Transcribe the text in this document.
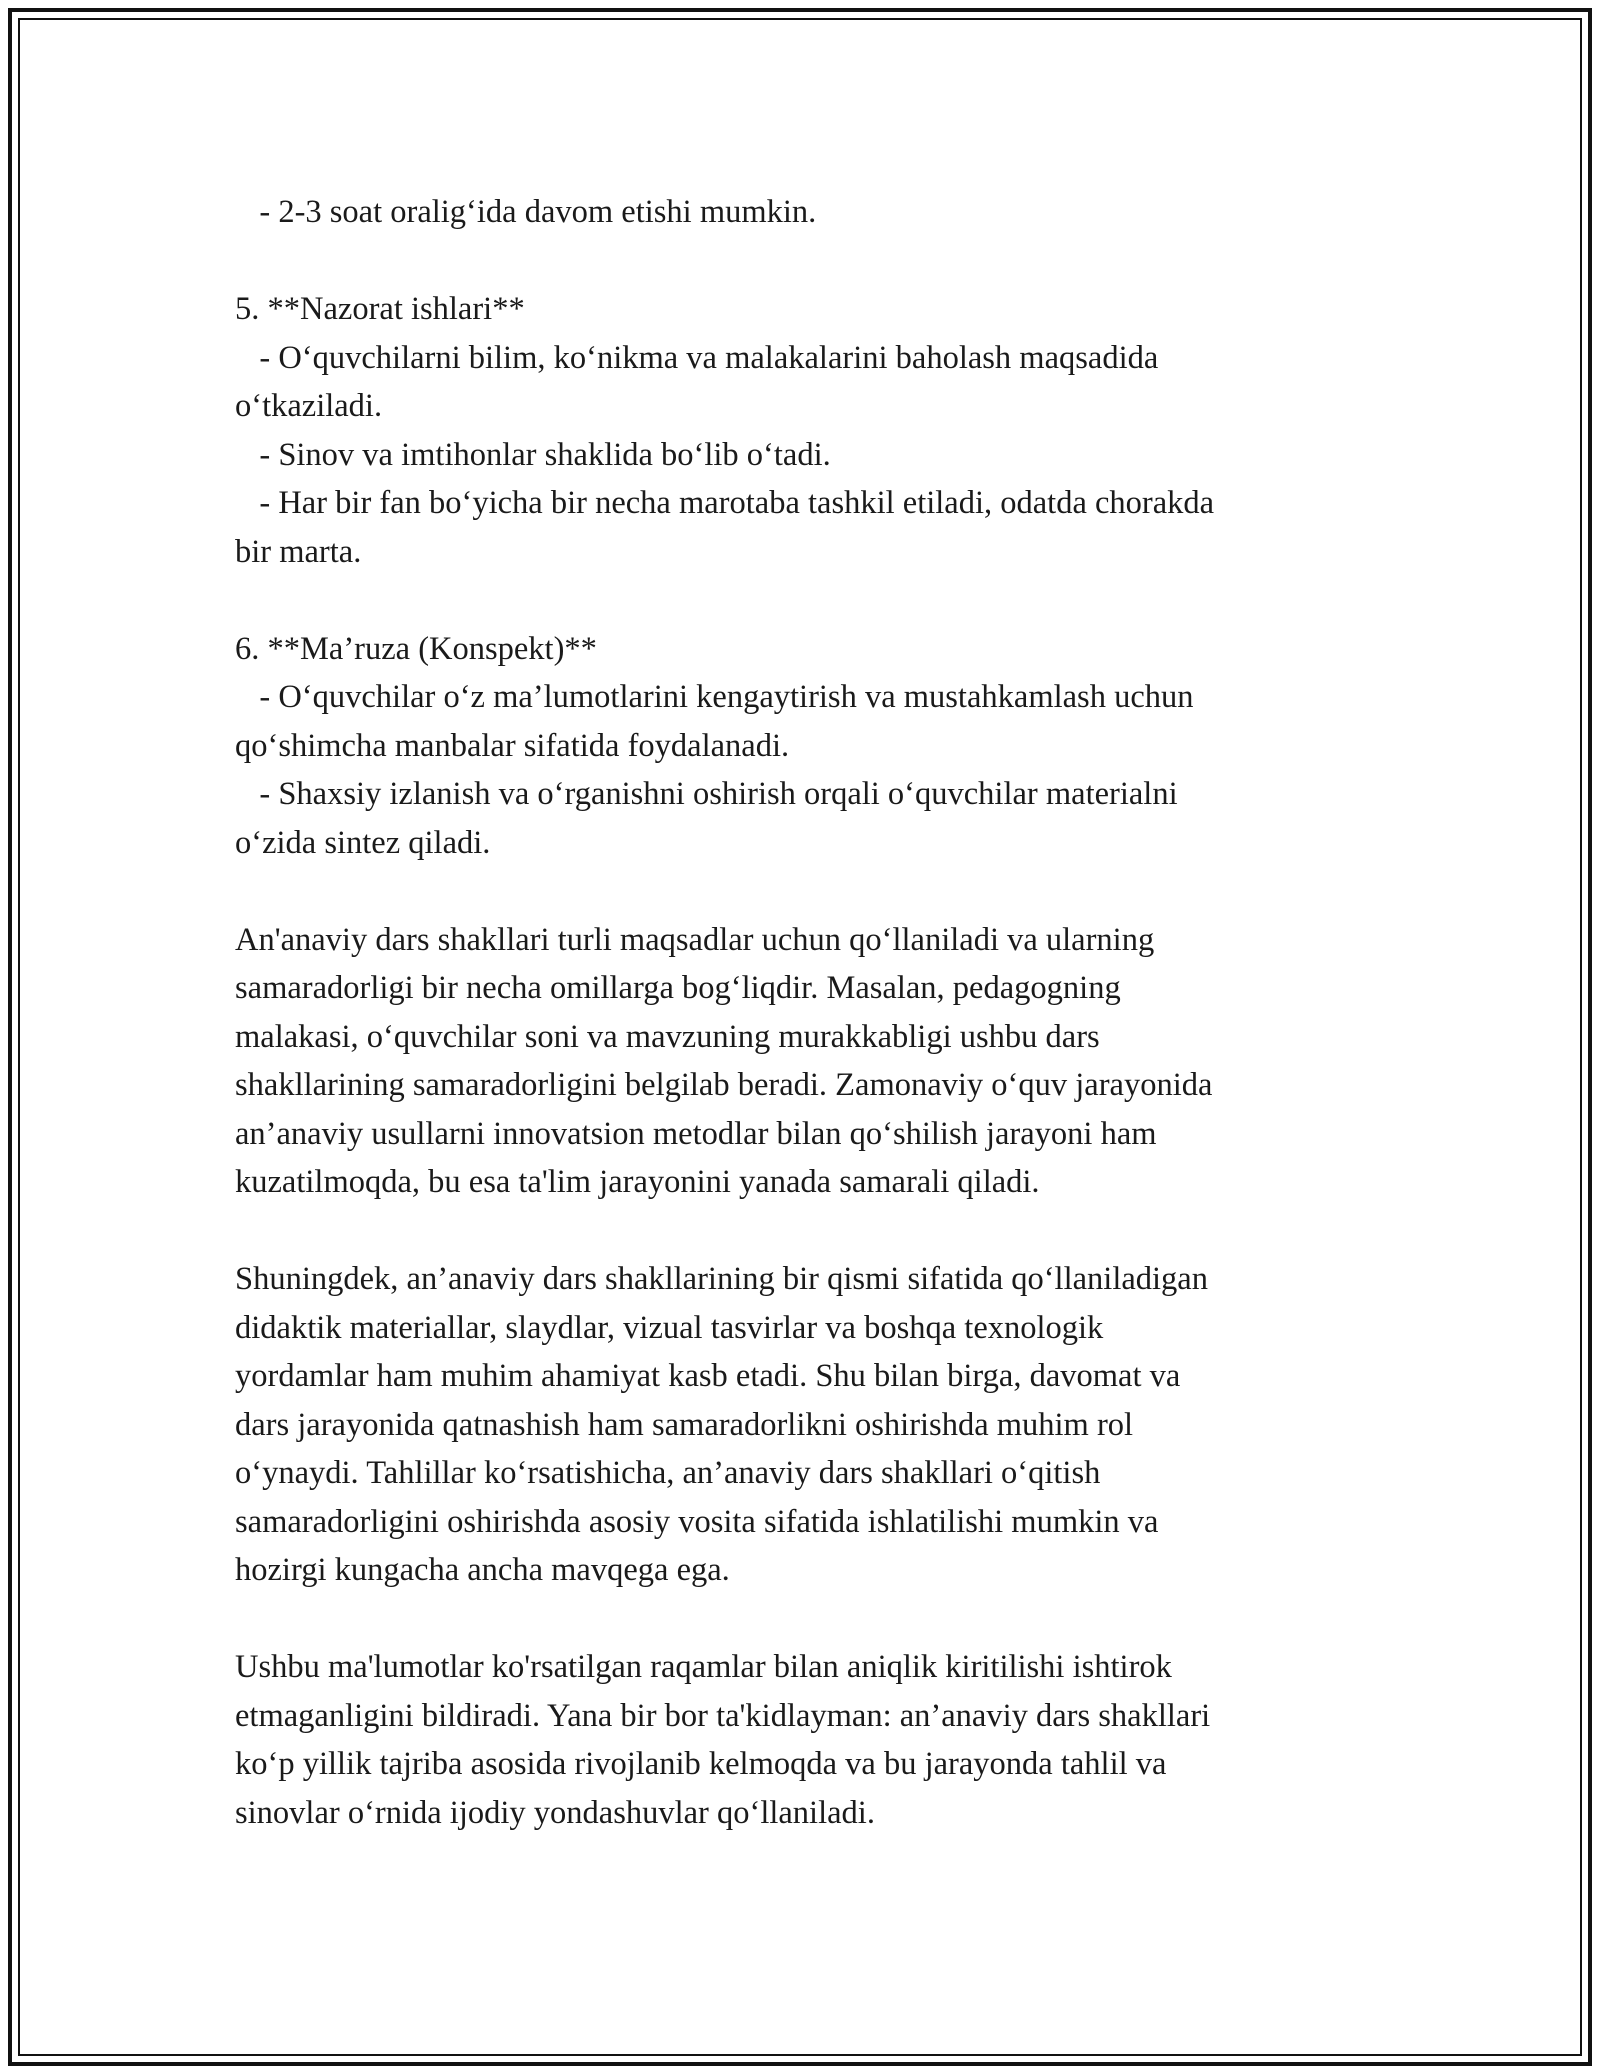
- 2-3 soat oralig‘ida davom etishi mumkin.

5. **Nazorat ishlari**

- O‘quvchilarni bilim, ko‘nikma va malakalarini baholash maqsadida

o‘tkaziladi.

- Sinov va imtihonlar shaklida bo‘lib o‘tadi.

- Har bir fan bo‘yicha bir necha marotaba tashkil etiladi, odatda chorakda

bir marta.

6. **Ma’ruza (Konspekt)**

- O‘quvchilar o‘z ma’lumotlarini kengaytirish va mustahkamlash uchun

qo‘shimcha manbalar sifatida foydalanadi.

- Shaxsiy izlanish va o‘rganishni oshirish orqali o‘quvchilar materialni

o‘zida sintez qiladi.

An'anaviy dars shakllari turli maqsadlar uchun qo‘llaniladi va ularning

samaradorligi bir necha omillarga bog‘liqdir. Masalan, pedagogning

malakasi, o‘quvchilar soni va mavzuning murakkabligi ushbu dars

shakllarining samaradorligini belgilab beradi. Zamonaviy o‘quv jarayonida

an’anaviy usullarni innovatsion metodlar bilan qo‘shilish jarayoni ham

kuzatilmoqda, bu esa ta'lim jarayonini yanada samarali qiladi.

Shuningdek, an’anaviy dars shakllarining bir qismi sifatida qo‘llaniladigan

didaktik materiallar, slaydlar, vizual tasvirlar va boshqa texnologik

yordamlar ham muhim ahamiyat kasb etadi. Shu bilan birga, davomat va

dars jarayonida qatnashish ham samaradorlikni oshirishda muhim rol

o‘ynaydi. Tahlillar ko‘rsatishicha, an’anaviy dars shakllari o‘qitish

samaradorligini oshirishda asosiy vosita sifatida ishlatilishi mumkin va

hozirgi kungacha ancha mavqega ega.

Ushbu ma'lumotlar ko'rsatilgan raqamlar bilan aniqlik kiritilishi ishtirok

etmaganligini bildiradi. Yana bir bor ta'kidlayman: an’anaviy dars shakllari

ko‘p yillik tajriba asosida rivojlanib kelmoqda va bu jarayonda tahlil va

sinovlar o‘rnida ijodiy yondashuvlar qo‘llaniladi.
